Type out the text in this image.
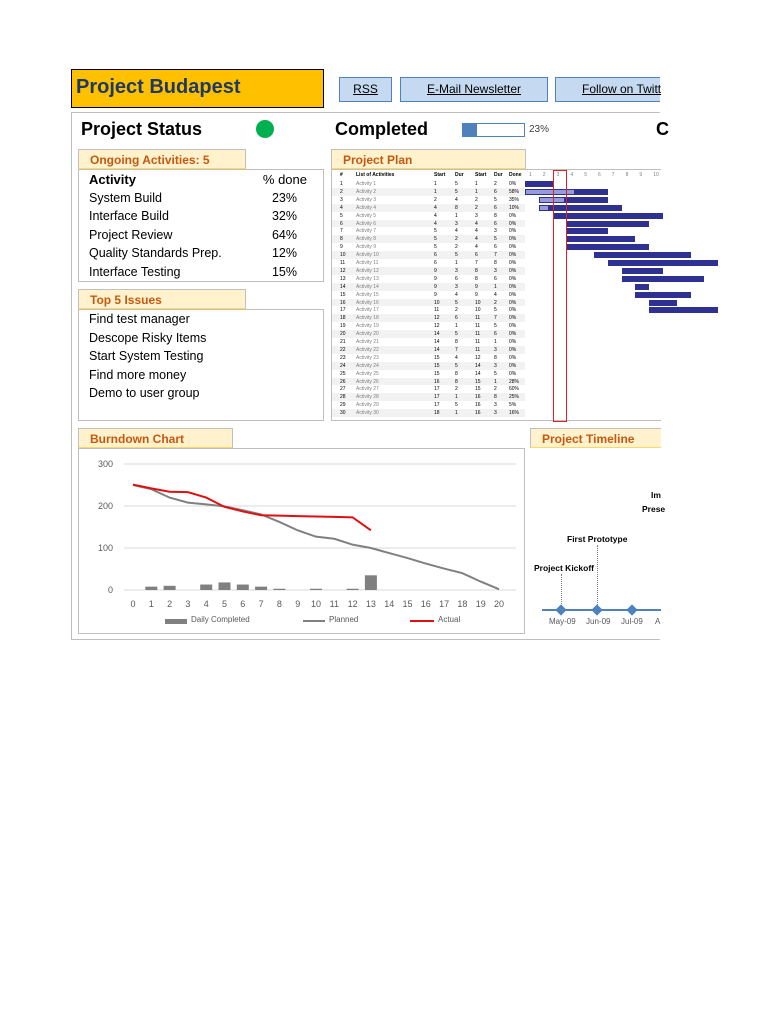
Project Budapest	RSS	E-Mail Newsletter	Follow on Twitt
Project Status	Completed	23%	C
Ongoing Activities: 5
Activity	% done
System Build	23%
Interface Build	32%
Project Review	64%
Quality Standards Prep.	12%
Interface Testing	15%
Top 5 Issues
Find test manager
Descope Risky Items
Start System Testing
Find more money
Demo to user group
Project Plan
#	List of Activities	Start Dur Start Dur Done
1	Activity 1	1	5	1	2 0%
2	Activity 2	1	5	1	6 58%
3	Activity 3	2	4	2	5 35%
4	Activity 4	4	8	2	6 10%
5	Activity 5	4	1	3	8 0%
6	Activity 6	4	3	4	6 0%
7	Activity 7	5	4	4	3 0%
8	Activity 8	5	2	4	5 0%
9	Activity 9	5	2	4	6 0%
10 Activity 10	6	5	6	7 0%
11 Activity 11	6	1	7	8 0%
12 Activity 12	9	3	8	3 0%
13 Activity 13	9	6	8	6 0%
14 Activity 14	9	3	9	1 0%
15 Activity 15	9	4	9	4 0%
16 Activity 16	10	5	10	2 0%
17 Activity 17	11	2	10	5 0%
18 Activity 18	12	6	11	7 0%
19 Activity 19	12	1	11	5 0%
20 Activity 20	14	5	11	6 0%
21 Activity 21	14	8	11	1 0%
22 Activity 22	14	7	11	3 0%
23 Activity 23	15	4	12	8 0%
24 Activity 24	15	5	14	3 0%
25 Activity 25	15	8	14	5 0%
26 Activity 26	16	8	15	1 28%
27 Activity 27	17	2	15	2 60%
28 Activity 28	17	1	16	8 25%
29 Activity 29	17	5	16	3 5%
30 Activity 30	18	1	16	3 16%
1 2 3 4 5 6 7 8 9 10
Burndown Chart
0
100
200
300
0 1 2 3 4 5 6 7 8 9 10 11 12 13 14 15 16 17 18 19 20
Daily Completed	Planned	Actual
Project Timeline
Im
Prese
First Prototype
Project Kickoff
May-09 Jun-09 Jul-09 A
